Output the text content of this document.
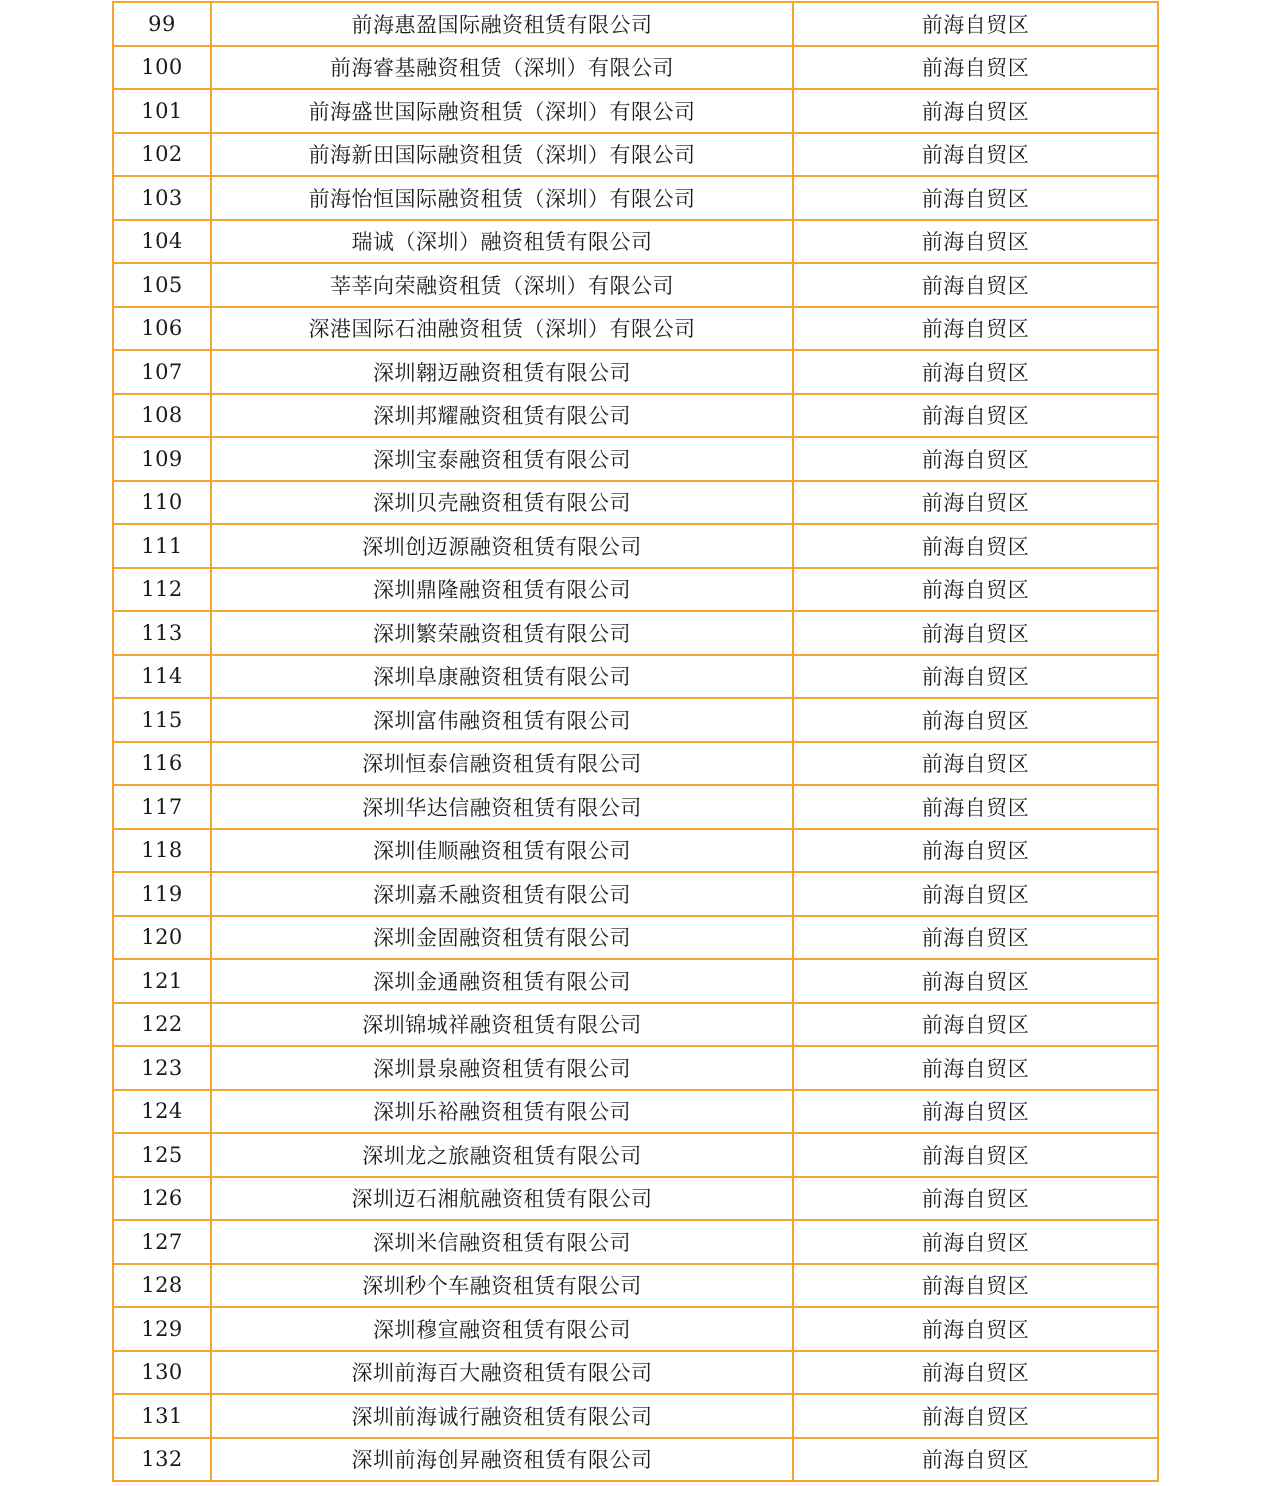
99	前海惠盈国际融资租赁有限公司	前海自贸区
100	前海睿基融资租赁（深圳）有限公司	前海自贸区
101	前海盛世国际融资租赁（深圳）有限公司	前海自贸区
102	前海新田国际融资租赁（深圳）有限公司	前海自贸区
103	前海怡恒国际融资租赁（深圳）有限公司	前海自贸区
104	瑞诚（深圳）融资租赁有限公司	前海自贸区
105	莘莘向荣融资租赁（深圳）有限公司	前海自贸区
106	深港国际石油融资租赁（深圳）有限公司	前海自贸区
107	深圳翱迈融资租赁有限公司	前海自贸区
108	深圳邦耀融资租赁有限公司	前海自贸区
109	深圳宝泰融资租赁有限公司	前海自贸区
110	深圳贝壳融资租赁有限公司	前海自贸区
111	深圳创迈源融资租赁有限公司	前海自贸区
112	深圳鼎隆融资租赁有限公司	前海自贸区
113	深圳繁荣融资租赁有限公司	前海自贸区
114	深圳阜康融资租赁有限公司	前海自贸区
115	深圳富伟融资租赁有限公司	前海自贸区
116	深圳恒泰信融资租赁有限公司	前海自贸区
117	深圳华达信融资租赁有限公司	前海自贸区
118	深圳佳顺融资租赁有限公司	前海自贸区
119	深圳嘉禾融资租赁有限公司	前海自贸区
120	深圳金固融资租赁有限公司	前海自贸区
121	深圳金通融资租赁有限公司	前海自贸区
122	深圳锦城祥融资租赁有限公司	前海自贸区
123	深圳景泉融资租赁有限公司	前海自贸区
124	深圳乐裕融资租赁有限公司	前海自贸区
125	深圳龙之旅融资租赁有限公司	前海自贸区
126	深圳迈石湘航融资租赁有限公司	前海自贸区
127	深圳米信融资租赁有限公司	前海自贸区
128	深圳秒个车融资租赁有限公司	前海自贸区
129	深圳穆宣融资租赁有限公司	前海自贸区
130	深圳前海百大融资租赁有限公司	前海自贸区
131	深圳前海诚行融资租赁有限公司	前海自贸区
132	深圳前海创昇融资租赁有限公司	前海自贸区
